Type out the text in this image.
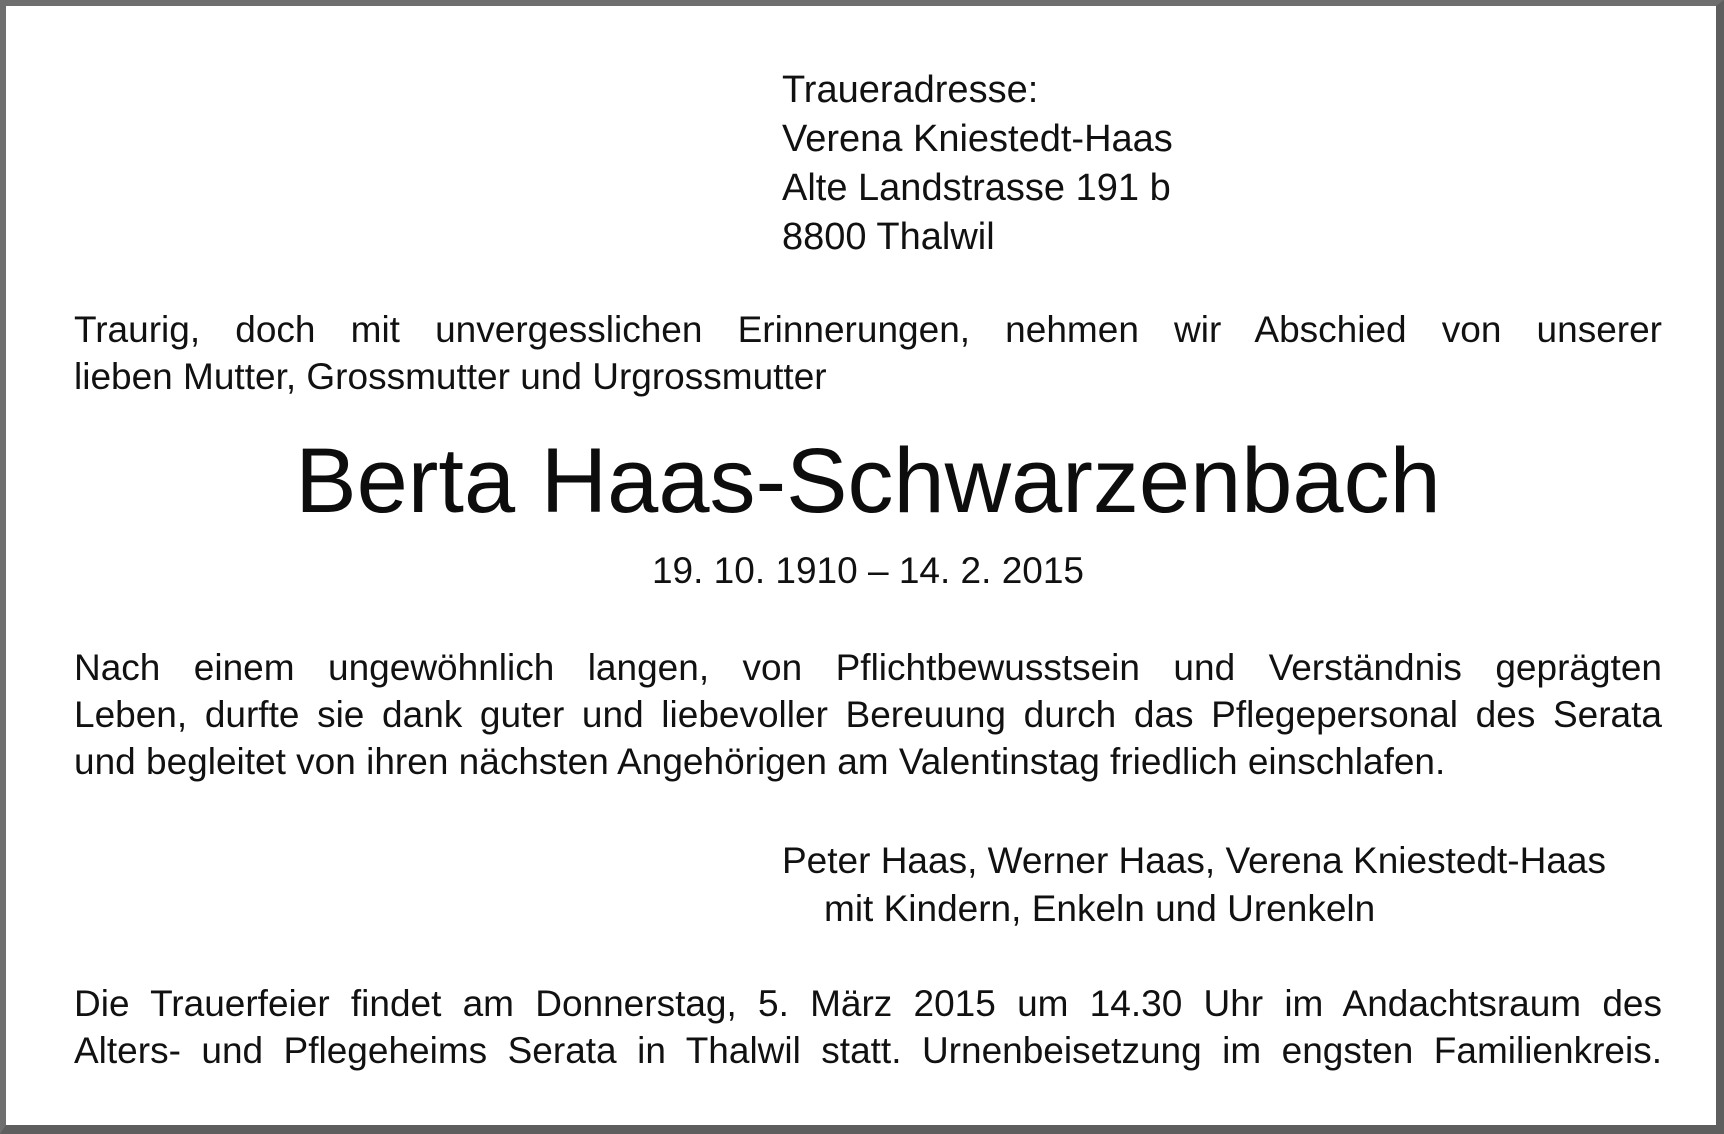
Traueradresse:
Verena Kniestedt-Haas
Alte Landstrasse 191 b
8800 Thalwil
Traurig, doch mit unvergesslichen Erinnerungen, nehmen wir Abschied von unserer
lieben Mutter, Grossmutter und Urgrossmutter
Berta Haas-Schwarzenbach
19. 10. 1910 – 14. 2. 2015
Nach einem ungewöhnlich langen, von Pflichtbewusstsein und Verständnis geprägten
Leben, durfte sie dank guter und liebevoller Bereuung durch das Pflegepersonal des Serata
und begleitet von ihren nächsten Angehörigen am Valentinstag friedlich einschlafen.
Peter Haas, Werner Haas, Verena Kniestedt-Haas
mit Kindern, Enkeln und Urenkeln
Die Trauerfeier findet am Donnerstag, 5. März 2015 um 14.30 Uhr im Andachtsraum des
Alters- und Pflegeheims Serata in Thalwil statt. Urnenbeisetzung im engsten Familienkreis.
